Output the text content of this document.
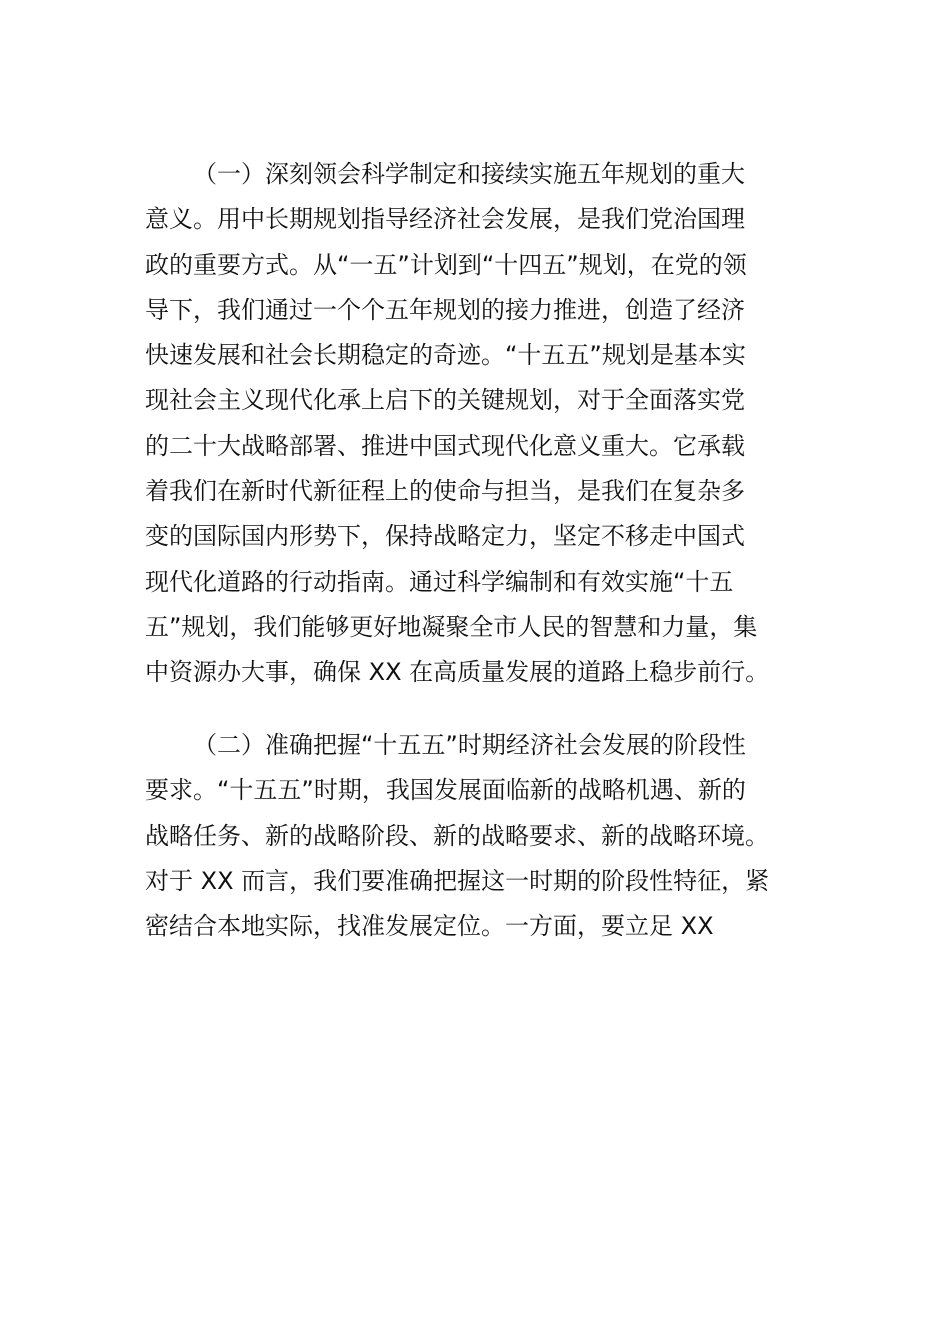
（一）深刻领会科学制定和接续实施五年规划的重大
意义。用中长期规划指导经济社会发展，是我们党治国理
政的重要方式。从“一五”计划到“十四五”规划，在党的领
导下，我们通过一个个五年规划的接力推进，创造了经济
快速发展和社会长期稳定的奇迹。“十五五”规划是基本实
现社会主义现代化承上启下的关键规划，对于全面落实党
的二十大战略部署、推进中国式现代化意义重大。它承载
着我们在新时代新征程上的使命与担当，是我们在复杂多
变的国际国内形势下，保持战略定力，坚定不移走中国式
现代化道路的行动指南。通过科学编制和有效实施“十五
五”规划，我们能够更好地凝聚全市人民的智慧和力量，集
中资源办大事，确保 XX 在高质量发展的道路上稳步前行。

（二）准确把握“十五五”时期经济社会发展的阶段性
要求。“十五五”时期，我国发展面临新的战略机遇、新的
战略任务、新的战略阶段、新的战略要求、新的战略环境。
对于 XX 而言，我们要准确把握这一时期的阶段性特征，紧
密结合本地实际，找准发展定位。一方面，要立足 XX
